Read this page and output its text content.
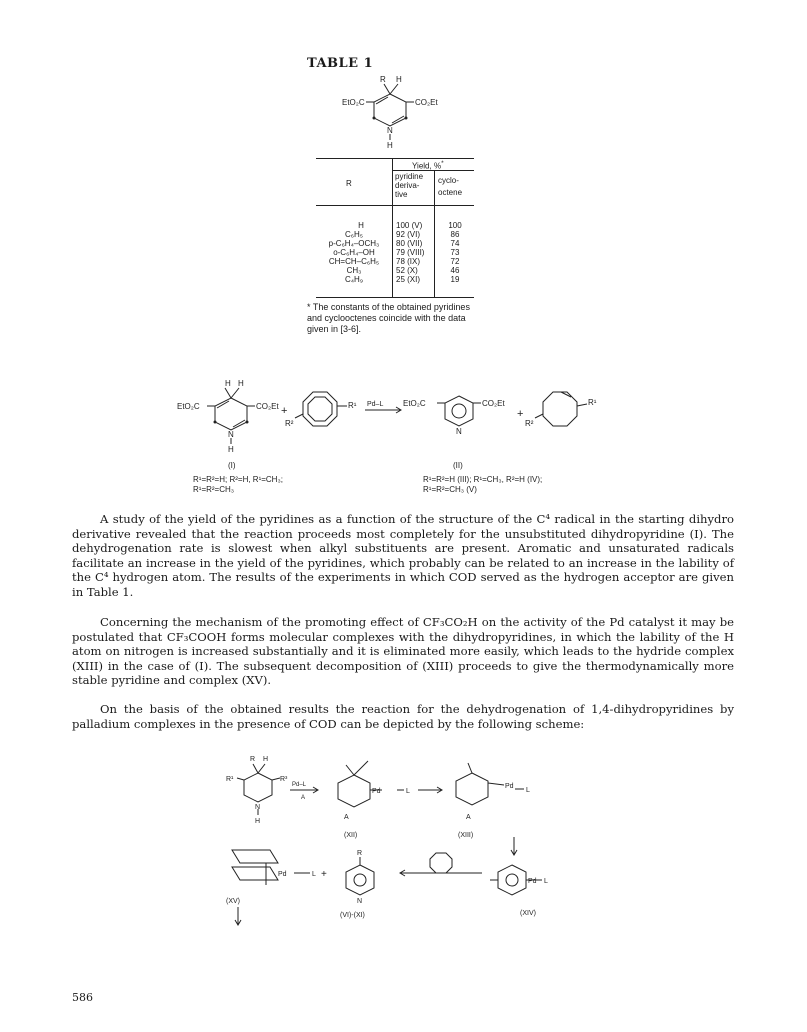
TABLE 1
R H
EtO₂C	CO₂Et
N
H
R
Yield, %*
pyridine
deriva-
tive
cyclo-
octene
H	100 (V)	100
C₆H₅	92 (VI)	86
p-C₆H₄–OCH₃	80 (VII)	74
o-C₆H₄–OH	79 (VIII)	73
CH=CH–C₆H₅	78 (IX)	72
CH₃	52 (X)	46
C₄H₉	25 (XI)	19
* The constants of the obtained pyridines and cyclooctenes coincide with the data given in [3-6].
H H
EtO₂C	CO₂Et
N
H
(I)
+	R¹
R²
Pd–L EtO₂C	CO₂Et
N
+
R¹
R²
(II)
R¹=R²=H; R²=H, R¹=CH₃;
R¹=R²=CH₃
R¹=R²=H (III); R¹=CH₃, R²=H (IV);
R¹=R²=CH₃ (V)
A study of the yield of the pyridines as a function of the structure of the C⁴ radical in the starting dihydro derivative revealed that the reaction proceeds most completely for the unsubstituted dihydropyridine (I). The dehydrogenation rate is slowest when alkyl substituents are present. Aromatic and unsaturated radicals facilitate an increase in the yield of the pyridines, which probably can be related to an increase in the lability of the C⁴ hydrogen atom. The results of the experiments in which COD served as the hydrogen acceptor are given in Table 1.
Concerning the mechanism of the promoting effect of CF₃CO₂H on the activity of the Pd catalyst it may be postulated that CF₃COOH forms molecular complexes with the dihydropyridines, in which the lability of the H atom on nitrogen is increased substantially and it is eliminated more easily, which leads to the hydride complex (XIII) in the case of (I). The subsequent decomposition of (XIII) proceeds to give the thermodynamically more stable pyridine and complex (XV).
On the basis of the obtained results the reaction for the dehydrogenation of 1,4-dihydropyridines by palladium complexes in the presence of COD can be depicted by the following scheme:
R H
R¹	R³
N
H
Pd–L
A
Pd	L
A
(XII)
Pd
L
A
(XIII)
Pd L
(XIV)
R
N
(VI)-(XI)
+
Pd	L
(XV)
586
